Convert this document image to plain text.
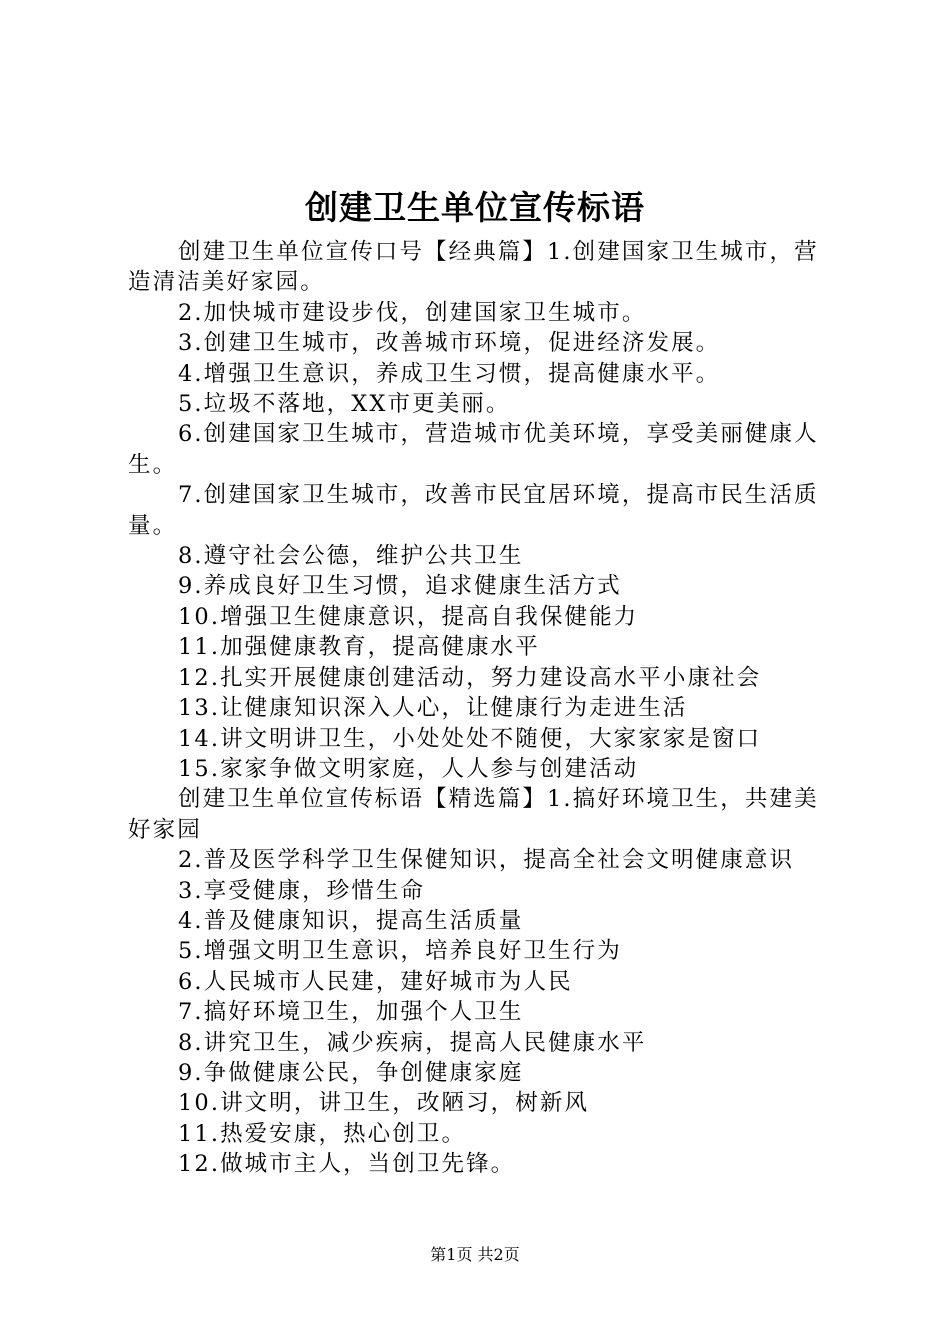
创建卫生单位宣传标语

创建卫生单位宣传口号【经典篇】1.创建国家卫生城市，营造清洁美好家园。

2.加快城市建设步伐，创建国家卫生城市。

3.创建卫生城市，改善城市环境，促进经济发展。

4.增强卫生意识，养成卫生习惯，提高健康水平。

5.垃圾不落地，XX市更美丽。

6.创建国家卫生城市，营造城市优美环境，享受美丽健康人生。

7.创建国家卫生城市，改善市民宜居环境，提高市民生活质量。

8.遵守社会公德，维护公共卫生

9.养成良好卫生习惯，追求健康生活方式

10.增强卫生健康意识，提高自我保健能力

11.加强健康教育，提高健康水平

12.扎实开展健康创建活动，努力建设高水平小康社会

13.让健康知识深入人心，让健康行为走进生活

14.讲文明讲卫生，小处处处不随便，大家家家是窗口

15.家家争做文明家庭，人人参与创建活动

创建卫生单位宣传标语【精选篇】1.搞好环境卫生，共建美好家园

2.普及医学科学卫生保健知识，提高全社会文明健康意识

3.享受健康，珍惜生命

4.普及健康知识，提高生活质量

5.增强文明卫生意识，培养良好卫生行为

6.人民城市人民建，建好城市为人民

7.搞好环境卫生，加强个人卫生

8.讲究卫生，减少疾病，提高人民健康水平

9.争做健康公民，争创健康家庭

10.讲文明，讲卫生，改陋习，树新风

11.热爱安康，热心创卫。

12.做城市主人，当创卫先锋。

第1页 共2页
